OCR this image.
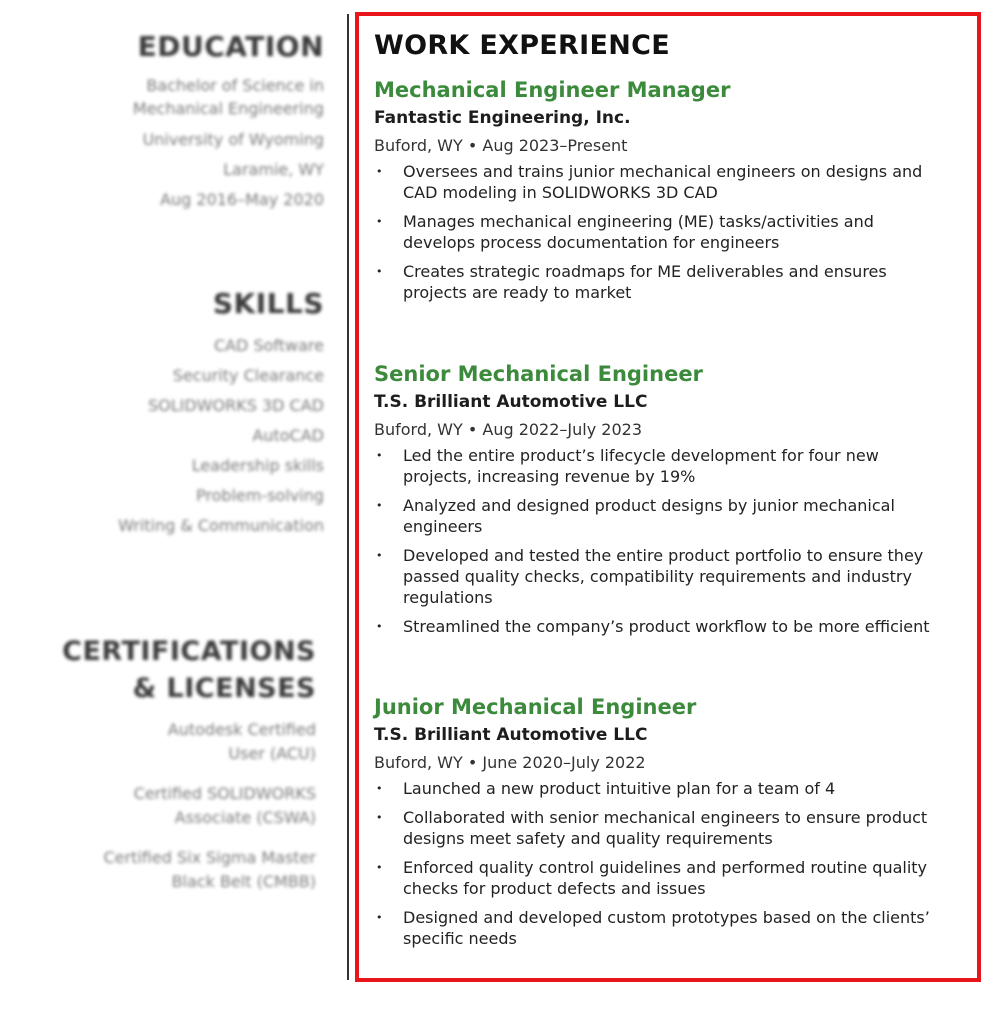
EDUCATION
Bachelor of Science in
Mechanical Engineering
University of Wyoming
Laramie, WY
Aug 2016–May 2020
SKILLS
CAD Software
Security Clearance
SOLIDWORKS 3D CAD
AutoCAD
Leadership skills
Problem-solving
Writing & Communication
CERTIFICATIONS
& LICENSES
Autodesk Certified
User (ACU)
Certified SOLIDWORKS
Associate (CSWA)
Certified Six Sigma Master
Black Belt (CMBB)
WORK EXPERIENCE
Mechanical Engineer Manager
Fantastic Engineering, Inc.
Buford, WY • Aug 2023–Present
• Oversees and trains junior mechanical engineers on designs and CAD modeling in SOLIDWORKS 3D CAD
• Manages mechanical engineering (ME) tasks/activities and develops process documentation for engineers
• Creates strategic roadmaps for ME deliverables and ensures projects are ready to market
Senior Mechanical Engineer
T.S. Brilliant Automotive LLC
Buford, WY • Aug 2022–July 2023
• Led the entire product’s lifecycle development for four new projects, increasing revenue by 19%
• Analyzed and designed product designs by junior mechanical engineers
• Developed and tested the entire product portfolio to ensure they passed quality checks, compatibility requirements and industry regulations
• Streamlined the company’s product workflow to be more efficient
Junior Mechanical Engineer
T.S. Brilliant Automotive LLC
Buford, WY • June 2020–July 2022
• Launched a new product intuitive plan for a team of 4
• Collaborated with senior mechanical engineers to ensure product designs meet safety and quality requirements
• Enforced quality control guidelines and performed routine quality checks for product defects and issues
• Designed and developed custom prototypes based on the clients’ specific needs
